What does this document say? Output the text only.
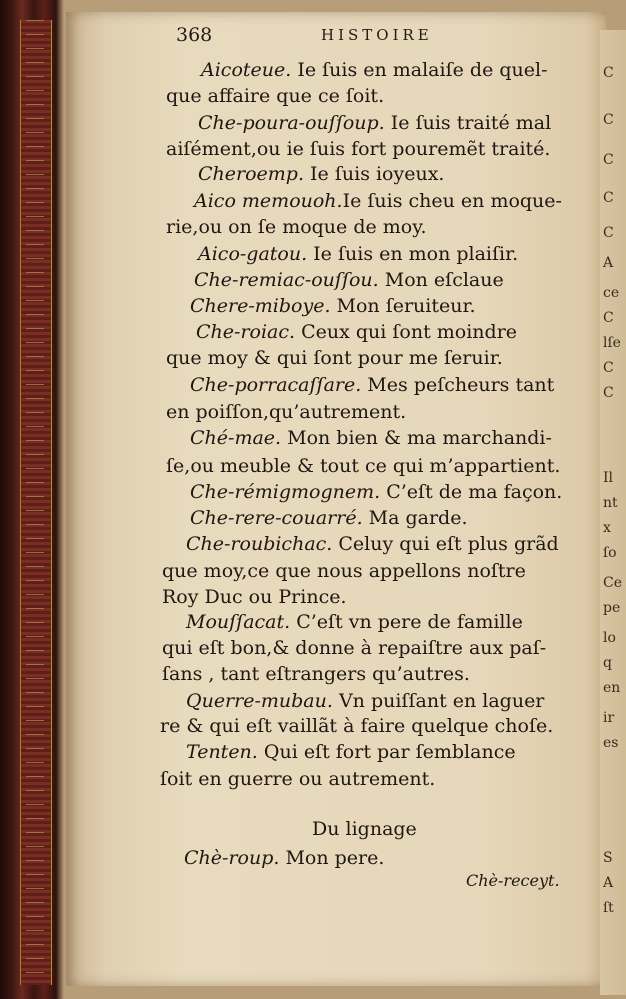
C
C
C
C
C
A
ce
C
lſe
C
C
Il
nt
x
ſo
Ce
pe
lo
q
en
ir
es
S
A
ſt
368	HISTOIRE
Aicoteue. Ie ſuis en malaiſe de quel-
que affaire que ce ſoit.
Che-poura-ouſſoup. Ie ſuis traité mal
aiſément,ou ie ſuis fort pouremẽt traité.
Cheroemp. Ie ſuis ioyeux.
Aico memouoh.Ie ſuis cheu en moque-
rie,ou on ſe moque de moy.
Aico-gatou. Ie ſuis en mon plaiſir.
Che-remiac-ouſſou. Mon eſclaue
Chere-miboye. Mon ſeruiteur.
Che-roiac. Ceux qui ſont moindre
que moy & qui ſont pour me ſeruir.
Che-porracaſſare. Mes peſcheurs tant
en poiſſon,qu’autrement.
Ché-mae. Mon bien & ma marchandi-
ſe,ou meuble & tout ce qui m’appartient.
Che-rémigmognem. C’eſt de ma façon.
Che-rere-couarré. Ma garde.
Che-roubichac. Celuy qui eſt plus grãd
que moy,ce que nous appellons noſtre
Roy Duc ou Prince.
Mouſſacat. C’eſt vn pere de famille
qui eſt bon,& donne à repaiſtre aux paſ-
ſans , tant eſtrangers qu’autres.
Querre-mubau. Vn puiſſant en laguer
re & qui eſt vaillãt à faire quelque choſe.
Tenten. Qui eſt fort par ſemblance
ſoit en guerre ou autrement.
Du lignage
Chè-roup. Mon pere.
Chè-receyt.
